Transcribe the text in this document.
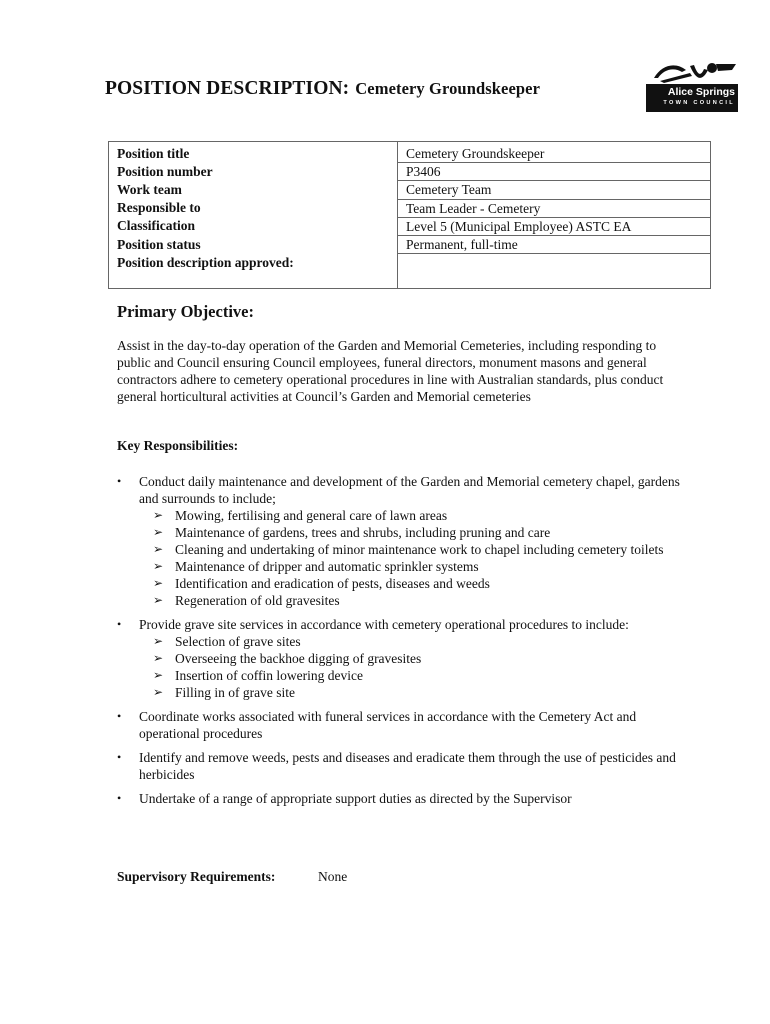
POSITION DESCRIPTION: Cemetery Groundskeeper	Alice Springs
TOWN COUNCIL
Position title	Cemetery Groundskeeper
Position number	P3406
Work team	Cemetery Team
Responsible to	Team Leader - Cemetery
Classification	Level 5 (Municipal Employee) ASTC EA
Position status	Permanent, full-time
Position description approved:	
Primary Objective:

Assist in the day-to-day operation of the Garden and Memorial Cemeteries, including responding to public and Council ensuring Council employees, funeral directors, monument masons and general contractors adhere to cemetery operational procedures in line with Australian standards, plus conduct general horticultural activities at Council’s Garden and Memorial cemeteries

Key Responsibilities:
• Conduct daily maintenance and development of the Garden and Memorial cemetery chapel, gardens and surrounds to include;
➢ Mowing, fertilising and general care of lawn areas
➢ Maintenance of gardens, trees and shrubs, including pruning and care
➢ Cleaning and undertaking of minor maintenance work to chapel including cemetery toilets
➢ Maintenance of dripper and automatic sprinkler systems
➢ Identification and eradication of pests, diseases and weeds
➢ Regeneration of old gravesites
• Provide grave site services in accordance with cemetery operational procedures to include:
➢ Selection of grave sites
➢ Overseeing the backhoe digging of gravesites
➢ Insertion of coffin lowering device
➢ Filling in of grave site
• Coordinate works associated with funeral services in accordance with the Cemetery Act and operational procedures
• Identify and remove weeds, pests and diseases and eradicate them through the use of pesticides and herbicides
• Undertake of a range of appropriate support duties as directed by the Supervisor

Supervisory Requirements:	None
